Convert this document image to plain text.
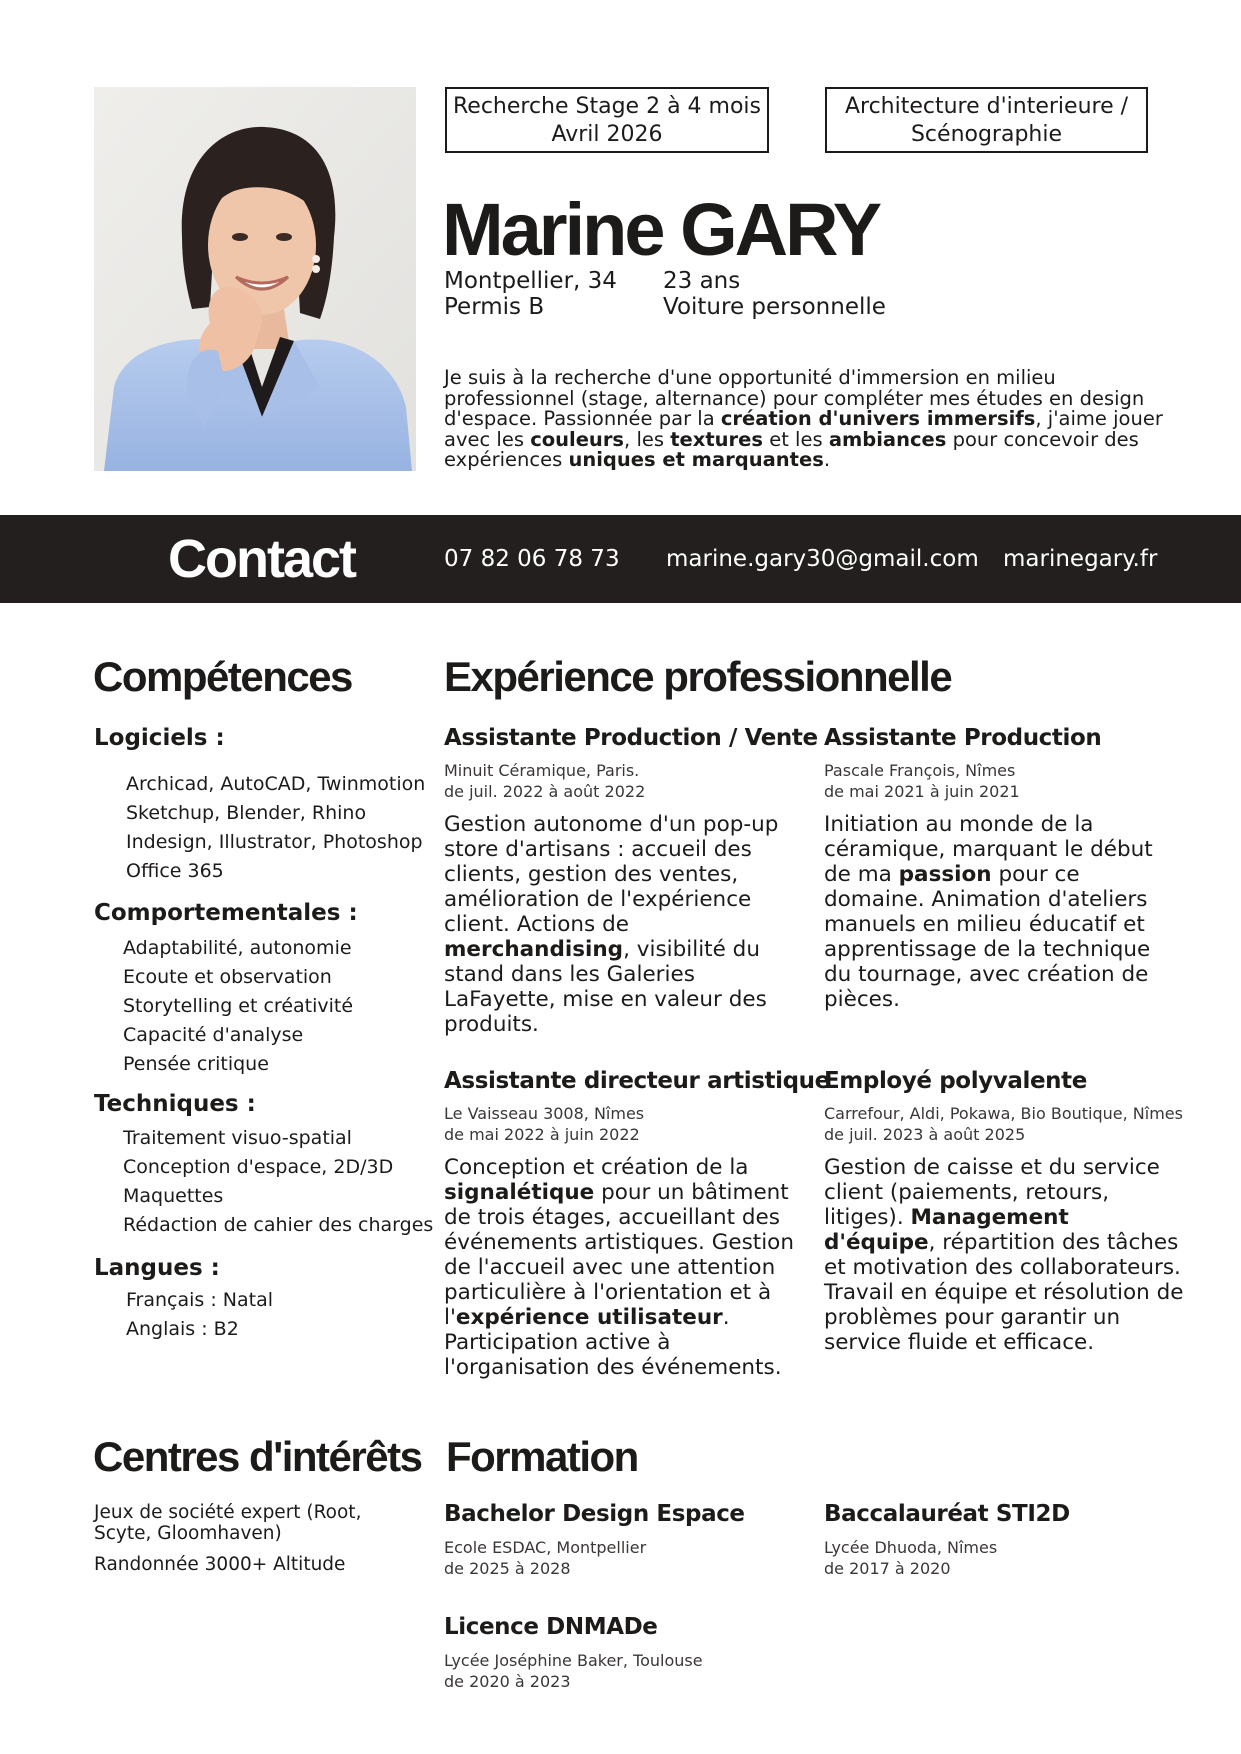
Recherche Stage 2 à 4 mois
Avril 2026
Architecture d'interieure /
Scénographie
Marine GARY
Montpellier, 34
Permis B
23 ans
Voiture personnelle
Je suis à la recherche d'une opportunité d'immersion en milieu professionnel (stage, alternance) pour compléter mes études en design d'espace. Passionnée par la création d'univers immersifs, j'aime jouer avec les couleurs, les textures et les ambiances pour concevoir des expériences uniques et marquantes.
Contact	07 82 06 78 73 marine.gary30@gmail.com marinegary.fr
Compétences
Logiciels :
Archicad, AutoCAD, Twinmotion
Sketchup, Blender, Rhino
Indesign, Illustrator, Photoshop
Office 365
Comportementales :
Adaptabilité, autonomie
Ecoute et observation
Storytelling et créativité
Capacité d'analyse
Pensée critique
Techniques :
Traitement visuo-spatial
Conception d'espace, 2D/3D
Maquettes
Rédaction de cahier des charges
Langues :
Français : Natal
Anglais : B2
Expérience professionnelle
Assistante Production / Vente
Minuit Céramique, Paris.
de juil. 2022 à août 2022
Gestion autonome d'un pop-up store d'artisans : accueil des clients, gestion des ventes, amélioration de l'expérience client. Actions de merchandising, visibilité du stand dans les Galeries LaFayette, mise en valeur des produits.
Assistante Production
Pascale François, Nîmes
de mai 2021 à juin 2021
Initiation au monde de la céramique, marquant le début de ma passion pour ce domaine. Animation d'ateliers manuels en milieu éducatif et apprentissage de la technique du tournage, avec création de pièces.
Assistante directeur artistique
Le Vaisseau 3008, Nîmes
de mai 2022 à juin 2022
Conception et création de la signalétique pour un bâtiment de trois étages, accueillant des événements artistiques. Gestion de l'accueil avec une attention particulière à l'orientation et à l'expérience utilisateur. Participation active à l'organisation des événements.
Employé polyvalente
Carrefour, Aldi, Pokawa, Bio Boutique, Nîmes
de juil. 2023 à août 2025
Gestion de caisse et du service client (paiements, retours, litiges). Management d'équipe, répartition des tâches et motivation des collaborateurs. Travail en équipe et résolution de problèmes pour garantir un service fluide et efficace.
Centres d'intérêts
Jeux de société expert (Root, Scyte, Gloomhaven)
Randonnée 3000+ Altitude
Formation
Bachelor Design Espace
Ecole ESDAC, Montpellier
de 2025 à 2028
Baccalauréat STI2D
Lycée Dhuoda, Nîmes
de 2017 à 2020
Licence DNMADe
Lycée Joséphine Baker, Toulouse
de 2020 à 2023
